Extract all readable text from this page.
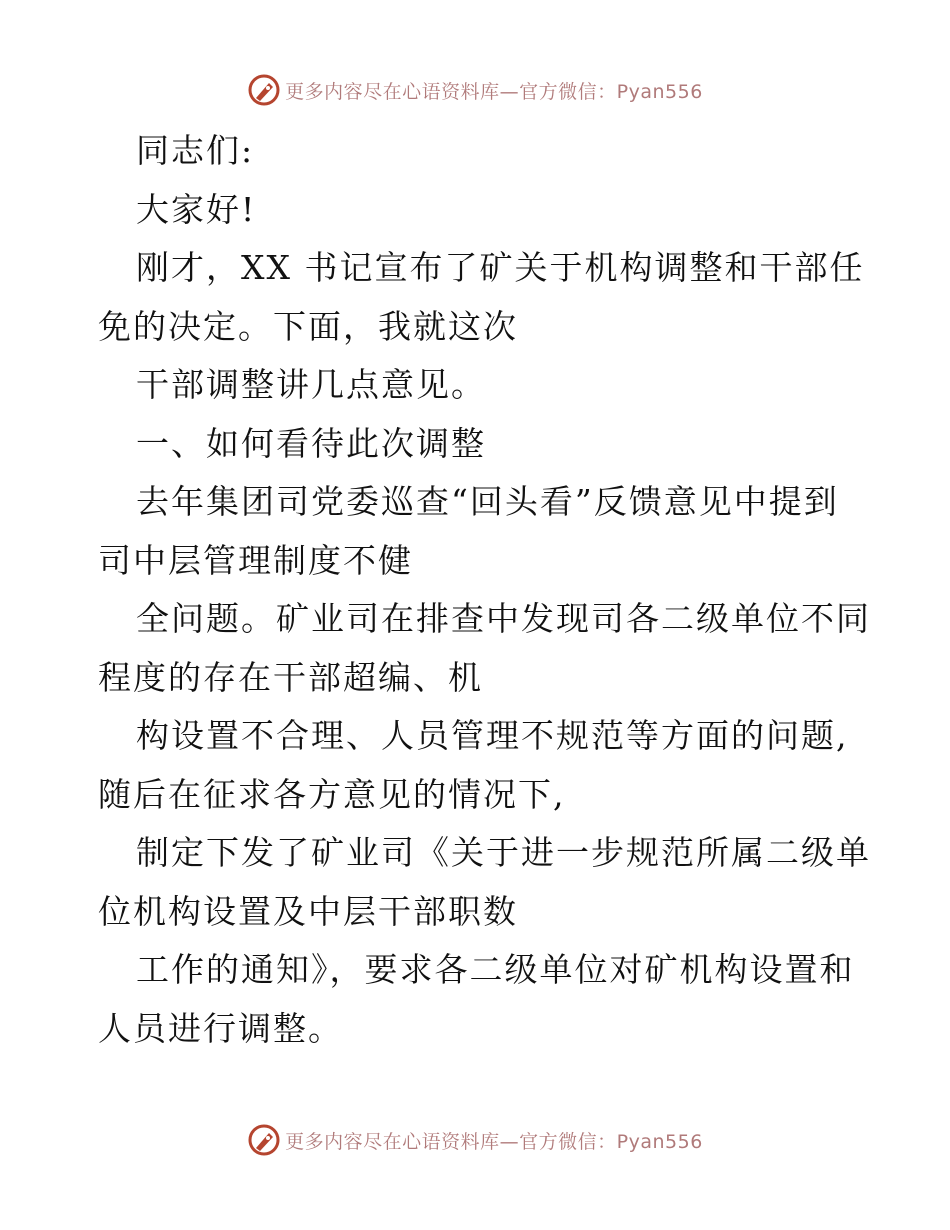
更多内容尽在心语资料库—官方微信：Pyan556
同志们:
大家好!
刚才，XX 书记宣布了矿关于机构调整和干部任
免的决定。下面，我就这次
干部调整讲几点意见。
一、如何看待此次调整
去年集团司党委巡查“回头看”反馈意见中提到
司中层管理制度不健
全问题。矿业司在排查中发现司各二级单位不同
程度的存在干部超编、机
构设置不合理、人员管理不规范等方面的问题,
随后在征求各方意见的情况下,
制定下发了矿业司《关于进一步规范所属二级单
位机构设置及中层干部职数
工作的通知》，要求各二级单位对矿机构设置和
人员进行调整。
更多内容尽在心语资料库—官方微信：Pyan556
